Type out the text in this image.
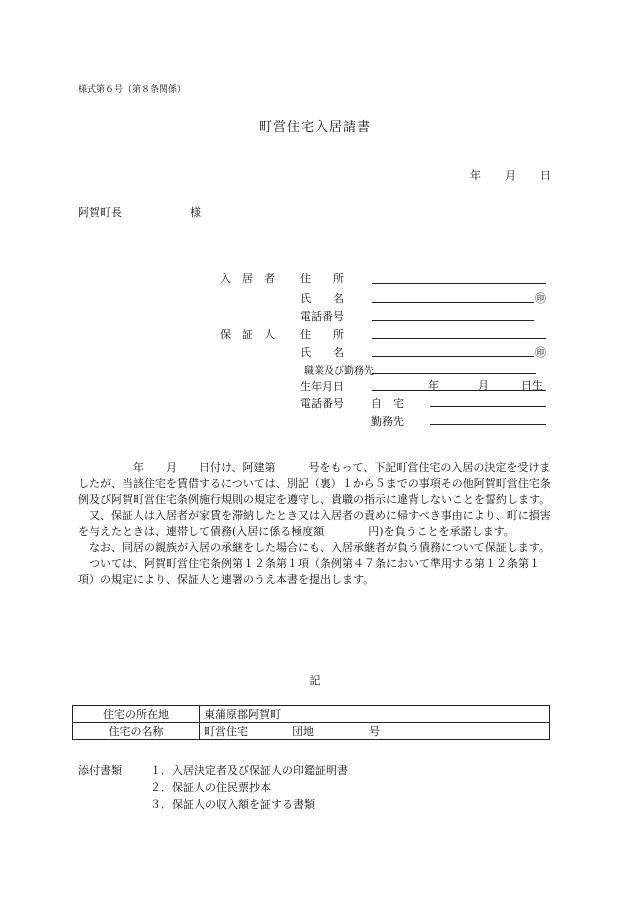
様式第６号（第８条関係）
町営住宅入居請書
年 月 日
阿賀町長	様
入　居　者 住　　所
氏　　名	㊞
電話番号
保　証　人 住　　所
氏　　名	㊞
職業及び勤務先
生年月日	年	月	日生
電話番号 自　宅
勤務先

　　　　　年　　月　　日付け、阿建第　　　号をもって、下記町営住宅の入居の決定を受けましたが、当該住宅を賃借するについては、別記（裏）１から５までの事項その他阿賀町営住宅条例及び阿賀町営住宅条例施行規則の規定を遵守し、貴職の指示に違背しないことを誓約します。

　又、保証人は入居者が家賃を滞納したとき又は入居者の責めに帰すべき事由により、町に損害を与えたときは、連帯して債務(入居に係る極度額　　　　円)を負うことを承諾します。

　なお、同居の親族が入居の承継をした場合にも、入居承継者が負う債務について保証します。

　ついては、阿賀町営住宅条例第１２条第１項（条例第４７条において準用する第１２条第１項）の規定により、保証人と連署のうえ本書を提出します。

記
住宅の所在地	東蒲原郡阿賀町
住宅の名称	町営住宅　　　　団地　　　　　号
添付書類	１．入居決定者及び保証人の印鑑証明書
２．保証人の住民票抄本
３．保証人の収入額を証する書類
